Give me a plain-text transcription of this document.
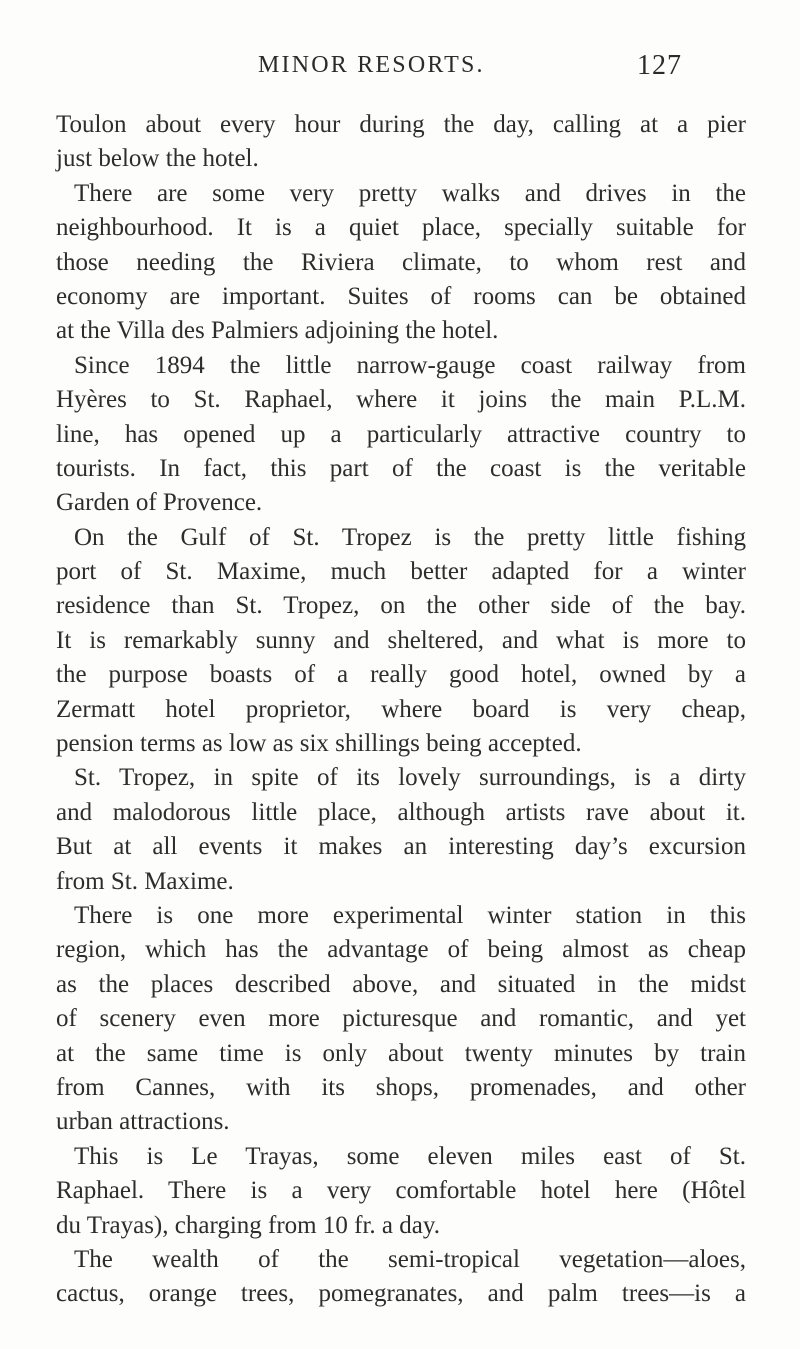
MINOR RESORTS.	127
Toulon about every hour during the day, calling at a pier
just below the hotel.
There are some very pretty walks and drives in the
neighbourhood. It is a quiet place, specially suitable for
those needing the Riviera climate, to whom rest and
economy are important. Suites of rooms can be obtained
at the Villa des Palmiers adjoining the hotel.
Since 1894 the little narrow-gauge coast railway from
Hyères to St. Raphael, where it joins the main P.L.M.
line, has opened up a particularly attractive country to
tourists. In fact, this part of the coast is the veritable
Garden of Provence.
On the Gulf of St. Tropez is the pretty little fishing
port of St. Maxime, much better adapted for a winter
residence than St. Tropez, on the other side of the bay.
It is remarkably sunny and sheltered, and what is more to
the purpose boasts of a really good hotel, owned by a
Zermatt hotel proprietor, where board is very cheap,
pension terms as low as six shillings being accepted.
St. Tropez, in spite of its lovely surroundings, is a dirty
and malodorous little place, although artists rave about it.
But at all events it makes an interesting day’s excursion
from St. Maxime.
There is one more experimental winter station in this
region, which has the advantage of being almost as cheap
as the places described above, and situated in the midst
of scenery even more picturesque and romantic, and yet
at the same time is only about twenty minutes by train
from Cannes, with its shops, promenades, and other
urban attractions.
This is Le Trayas, some eleven miles east of St.
Raphael. There is a very comfortable hotel here (Hôtel
du Trayas), charging from 10 fr. a day.
The wealth of the semi-tropical vegetation—aloes,
cactus, orange trees, pomegranates, and palm trees—is a
